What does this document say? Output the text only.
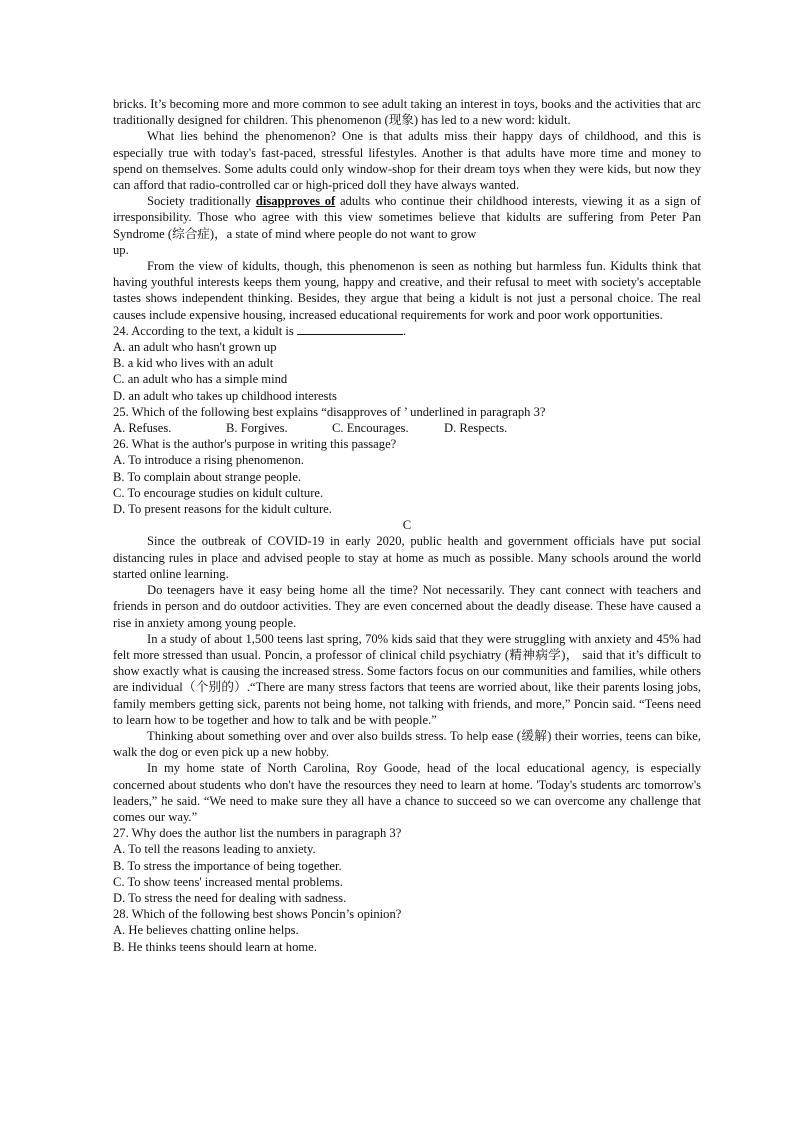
bricks. It’s becoming more and more common to see adult taking an interest in toys, books and the activities that arc traditionally designed for children. This phenomenon (现象) has led to a new word: kidult.

What lies behind the phenomenon? One is that adults miss their happy days of childhood, and this is especially true with today's fast-paced, stressful lifestyles. Another is that adults have more time and money to spend on themselves. Some adults could only window-shop for their dream toys when they were kids, but now they can afford that radio-controlled car or high-priced doll they have always wanted.

Society traditionally disapproves of adults who continue their childhood interests, viewing it as a sign of irresponsibility. Those who agree with this view sometimes believe that kidults are suffering from Peter Pan Syndrome (综合症)，a state of mind where people do not want to grow

up.

From the view of kidults, though, this phenomenon is seen as nothing but harmless fun. Kidults think that having youthful interests keeps them young, happy and creative, and their refusal to meet with society's acceptable tastes shows independent thinking. Besides, they argue that being a kidult is not just a personal choice. The real causes include expensive housing, increased educational requirements for work and poor work opportunities.

24. According to the text, a kidult is	.

A. an adult who hasn't grown up

B. a kid who lives with an adult

C. an adult who has a simple mind

D. an adult who takes up childhood interests

25. Which of the following best explains “disapproves of ’ underlined in paragraph 3?

A. Refuses.	B. Forgives.	C. Encourages.	D. Respects.

26. What is the author's purpose in writing this passage?

A. To introduce a rising phenomenon.

B. To complain about strange people.

C. To encourage studies on kidult culture.

D. To present reasons for the kidult culture.

C

Since the outbreak of COVID-19 in early 2020, public health and government officials have put social distancing rules in place and advised people to stay at home as much as possible. Many schools around the world started online learning.

Do teenagers have it easy being home all the time? Not necessarily. They cant connect with teachers and friends in person and do outdoor activities. They are even concerned about the deadly disease. These have caused a rise in anxiety among young people.

In a study of about 1,500 teens last spring, 70% kids said that they were struggling with anxiety and 45% had felt more stressed than usual. Poncin, a professor of clinical child psychiatry (精神病学)， said that it’s difficult to show exactly what is causing the increased stress. Some factors focus on our communities and families, while others are individual（个别的）.“There are many stress factors that teens are worried about, like their parents losing jobs, family members getting sick, parents not being home, not talking with friends, and more,” Poncin said. “Teens need to learn how to be together and how to talk and be with people.”

Thinking about something over and over also builds stress. To help ease (缓解) their worries, teens can bike, walk the dog or even pick up a new hobby.

In my home state of North Carolina, Roy Goode, head of the local educational agency, is especially concerned about students who don't have the resources they need to learn at home. 'Today's students arc tomorrow's leaders,” he said. “We need to make sure they all have a chance to succeed so we can overcome any challenge that comes our way.”

27. Why does the author list the numbers in paragraph 3?

A. To tell the reasons leading to anxiety.

B. To stress the importance of being together.

C. To show teens' increased mental problems.

D. To stress the need for dealing with sadness.

28. Which of the following best shows Poncin’s opinion?

A. He believes chatting online helps.

B. He thinks teens should learn at home.
